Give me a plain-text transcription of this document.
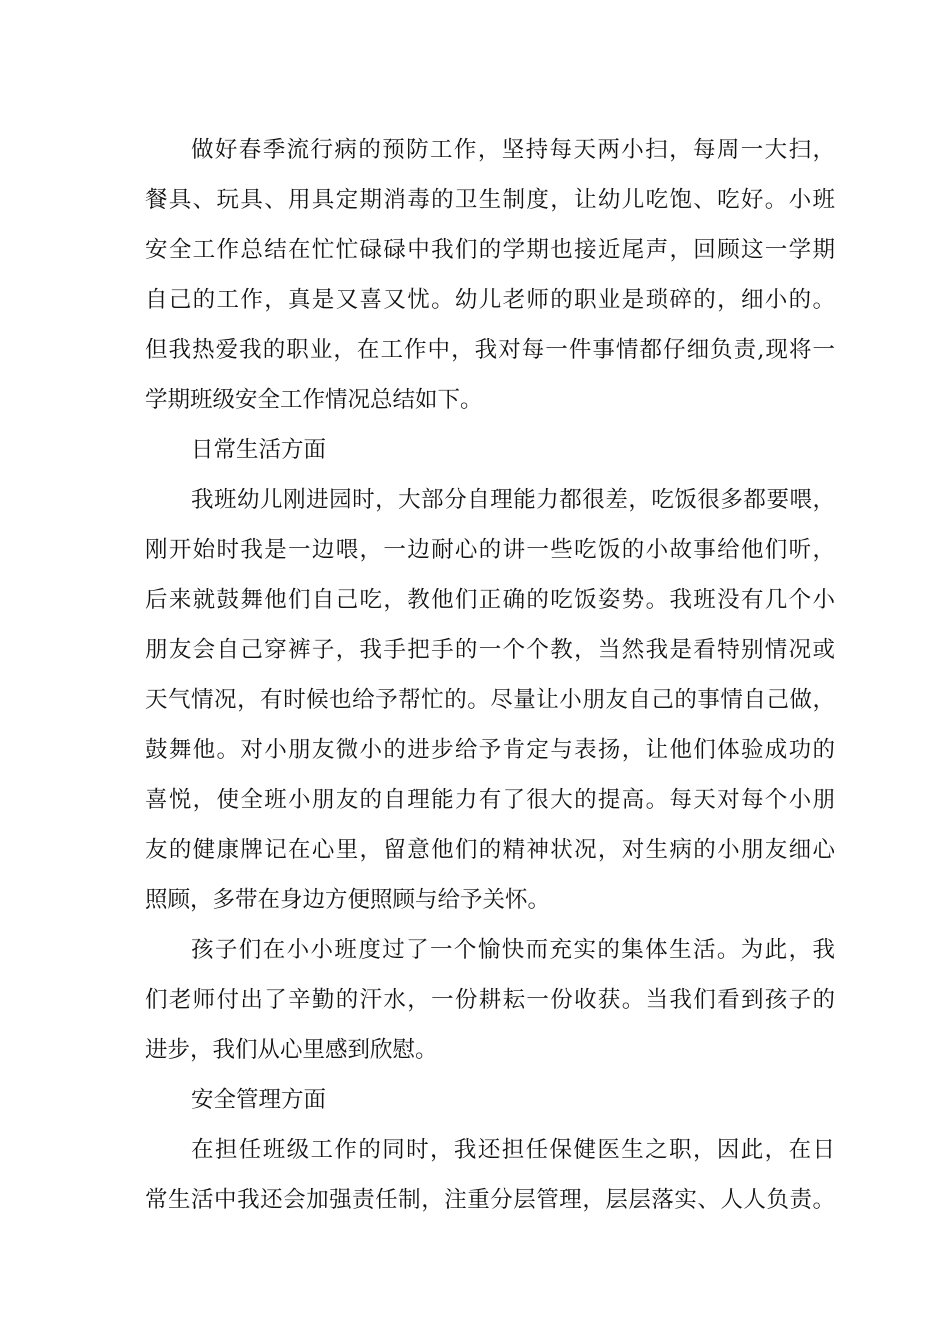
做好春季流行病的预防工作，坚持每天两小扫，每周一大扫，
餐具、玩具、用具定期消毒的卫生制度，让幼儿吃饱、吃好。小班
安全工作总结在忙忙碌碌中我们的学期也接近尾声，回顾这一学期
自己的工作，真是又喜又忧。幼儿老师的职业是琐碎的，细小的。
但我热爱我的职业，在工作中，我对每一件事情都仔细负责,现将一
学期班级安全工作情况总结如下。
日常生活方面
我班幼儿刚进园时，大部分自理能力都很差，吃饭很多都要喂，
刚开始时我是一边喂，一边耐心的讲一些吃饭的小故事给他们听，
后来就鼓舞他们自己吃，教他们正确的吃饭姿势。我班没有几个小
朋友会自己穿裤子，我手把手的一个个教，当然我是看特别情况或
天气情况，有时候也给予帮忙的。尽量让小朋友自己的事情自己做，
鼓舞他。对小朋友微小的进步给予肯定与表扬，让他们体验成功的
喜悦，使全班小朋友的自理能力有了很大的提高。每天对每个小朋
友的健康牌记在心里，留意他们的精神状况，对生病的小朋友细心
照顾，多带在身边方便照顾与给予关怀。
孩子们在小小班度过了一个愉快而充实的集体生活。为此，我
们老师付出了辛勤的汗水，一份耕耘一份收获。当我们看到孩子的
进步，我们从心里感到欣慰。
安全管理方面
在担任班级工作的同时，我还担任保健医生之职，因此，在日
常生活中我还会加强责任制，注重分层管理，层层落实、人人负责。
